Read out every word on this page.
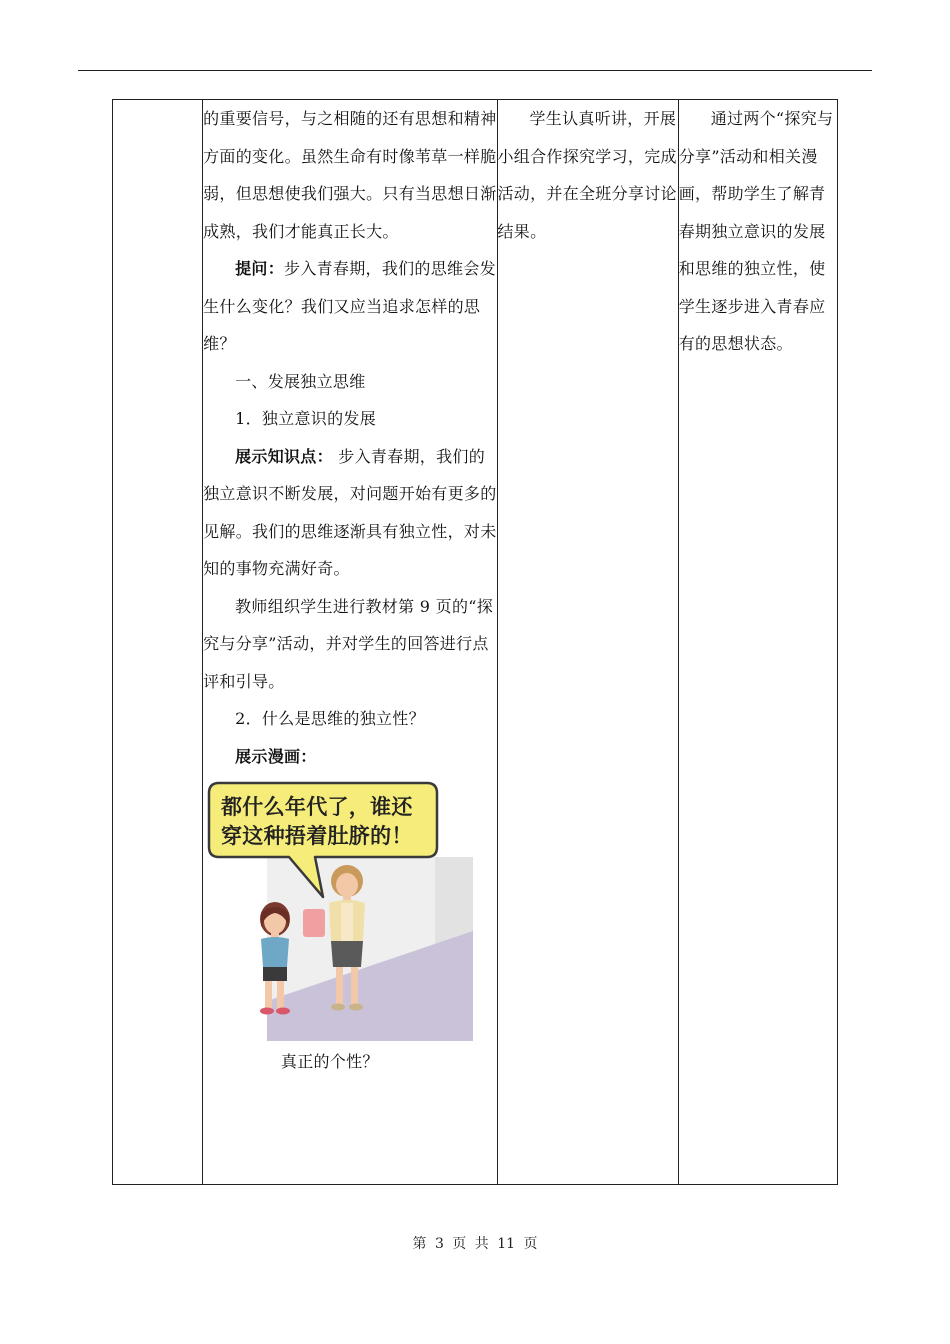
的重要信号，与之相随的还有思想和精神方面的变化。虽然生命有时像苇草一样脆弱，但思想使我们强大。只有当思想日渐成熟，我们才能真正长大。

提问：步入青春期，我们的思维会发生什么变化？我们又应当追求怎样的思维？

一、发展独立思维

1．独立意识的发展

展示知识点： 步入青春期，我们的独立意识不断发展，对问题开始有更多的见解。我们的思维逐渐具有独立性，对未知的事物充满好奇。

教师组织学生进行教材第 9 页的“探究与分享”活动，并对学生的回答进行点评和引导。

2．什么是思维的独立性？

展示漫画：

都什么年代了，谁还
穿这种捂着肚脐的！

真正的个性？

学生认真听讲，开展小组合作探究学习，完成活动，并在全班分享讨论结果。

通过两个“探究与分享”活动和相关漫画，帮助学生了解青春期独立意识的发展和思维的独立性，使学生逐步进入青春应有的思想状态。

第 3 页 共 11 页
